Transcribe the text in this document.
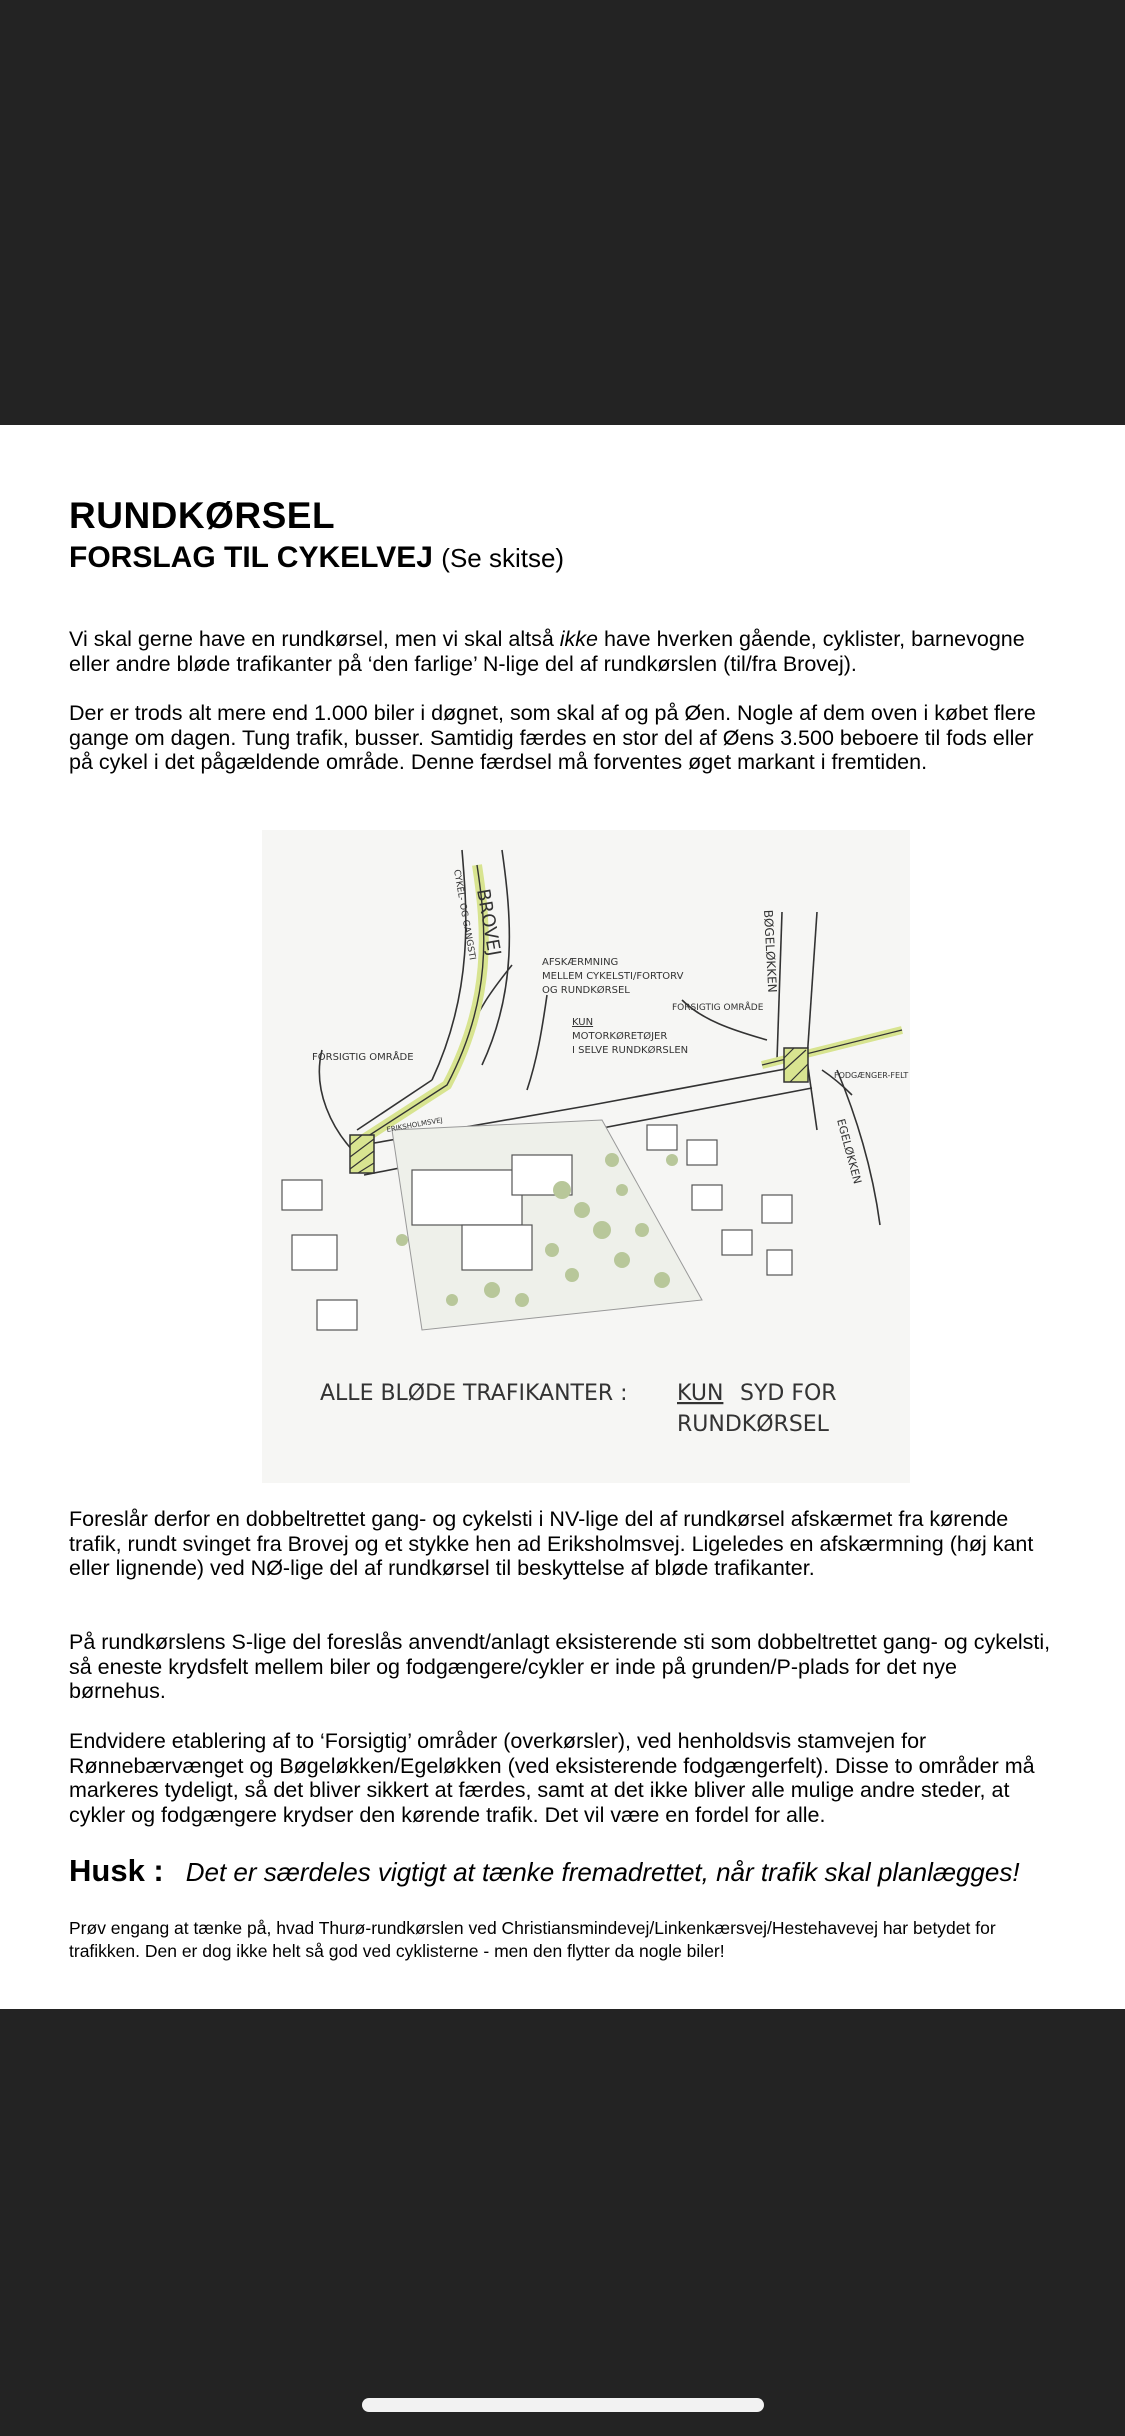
RUNDKØRSEL
FORSLAG TIL CYKELVEJ (Se skitse)

Vi skal gerne have en rundkørsel, men vi skal altså ikke have hverken gående, cyklister, barnevogne eller andre bløde trafikanter på ‘den farlige’ N-lige del af rundkørslen (til/fra Brovej).

Der er trods alt mere end 1.000 biler i døgnet, som skal af og på Øen. Nogle af dem oven i købet flere gange om dagen. Tung trafik, busser. Samtidig færdes en stor del af Øens 3.500 beboere til fods eller på cykel i det pågældende område. Denne færdsel må forventes øget markant i fremtiden.

BROVEJ
CYKEL- OG GANGSTI	BØGELØKKEN
EGELØKKEN
AFSKÆRMNING
MELLEM CYKELSTI/FORTORV
OG RUNDKØRSEL
KUN
MOTORKØRETØJER
I SELVE RUNDKØRSLEN
FORSIGTIG OMRÅDE
FORSIGTIG OMRÅDE
FODGÆNGER-FELT
ERIKSHOLMSVEJ
ALLE BLØDE TRAFIKANTER : KUN SYD FOR
RUNDKØRSEL

Foreslår derfor en dobbeltrettet gang- og cykelsti i NV-lige del af rundkørsel afskærmet fra kørende trafik, rundt svinget fra Brovej og et stykke hen ad Eriksholmsvej. Ligeledes en afskærmning (høj kant eller lignende) ved NØ-lige del af rundkørsel til beskyttelse af bløde trafikanter.

På rundkørslens S-lige del foreslås anvendt/anlagt eksisterende sti som dobbeltrettet gang- og cykelsti, så eneste krydsfelt mellem biler og fodgængere/cykler er inde på grunden/P-plads for det nye børnehus.

Endvidere etablering af to ‘Forsigtig’ områder (overkørsler), ved henholdsvis stamvejen for Rønnebærvænget og Bøgeløkken/Egeløkken (ved eksisterende fodgængerfelt). Disse to områder må markeres tydeligt, så det bliver sikkert at færdes, samt at det ikke bliver alle mulige andre steder, at cykler og fodgængere krydser den kørende trafik. Det vil være en fordel for alle.

Husk : Det er særdeles vigtigt at tænke fremadrettet, når trafik skal planlægges!

Prøv engang at tænke på, hvad Thurø-rundkørslen ved Christiansmindevej/Linkenkærsvej/Hestehavevej har betydet for trafikken. Den er dog ikke helt så god ved cyklisterne - men den flytter da nogle biler!
